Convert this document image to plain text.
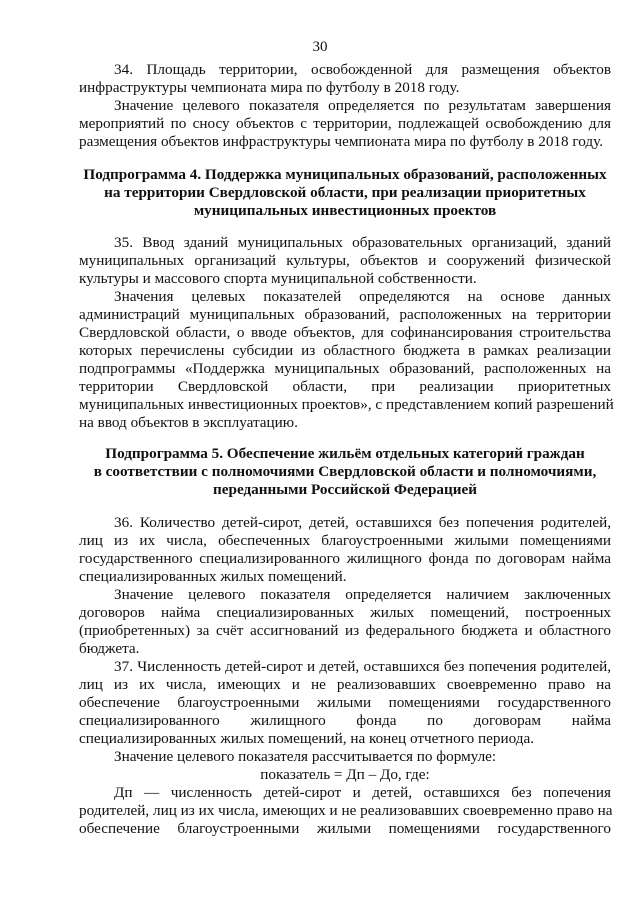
30
34. Площадь территории, освобожденной для размещения объектов
инфраструктуры чемпионата мира по футболу в 2018 году.
Значение целевого показателя определяется по результатам завершения
мероприятий по сносу объектов с территории, подлежащей освобождению для
размещения объектов инфраструктуры чемпионата мира по футболу в 2018 году.
Подпрограмма 4. Поддержка муниципальных образований, расположенных
на территории Свердловской области, при реализации приоритетных
муниципальных инвестиционных проектов
35. Ввод зданий муниципальных образовательных организаций, зданий
муниципальных организаций культуры, объектов и сооружений физической
культуры и массового спорта муниципальной собственности.
Значения целевых показателей определяются на основе данных
администраций муниципальных образований, расположенных на территории
Свердловской области, о вводе объектов, для софинансирования строительства
которых перечислены субсидии из областного бюджета в рамках реализации
подпрограммы «Поддержка муниципальных образований, расположенных на
территории Свердловской области, при реализации приоритетных
муниципальных инвестиционных проектов», с представлением копий разрешений
на ввод объектов в эксплуатацию.
Подпрограмма 5. Обеспечение жильём отдельных категорий граждан
в соответствии с полномочиями Свердловской области и полномочиями,
переданными Российской Федерацией
36. Количество детей-сирот, детей, оставшихся без попечения родителей,
лиц из их числа, обеспеченных благоустроенными жилыми помещениями
государственного специализированного жилищного фонда по договорам найма
специализированных жилых помещений.
Значение целевого показателя определяется наличием заключенных
договоров найма специализированных жилых помещений, построенных
(приобретенных) за счёт ассигнований из федерального бюджета и областного
бюджета.
37. Численность детей-сирот и детей, оставшихся без попечения родителей,
лиц из их числа, имеющих и не реализовавших своевременно право на
обеспечение благоустроенными жилыми помещениями государственного
специализированного жилищного фонда по договорам найма
специализированных жилых помещений, на конец отчетного периода.
Значение целевого показателя рассчитывается по формуле:
показатель = Дп – До, где:
Дп — численность детей-сирот и детей, оставшихся без попечения
родителей, лиц из их числа, имеющих и не реализовавших своевременно право на
обеспечение благоустроенными жилыми помещениями государственного
